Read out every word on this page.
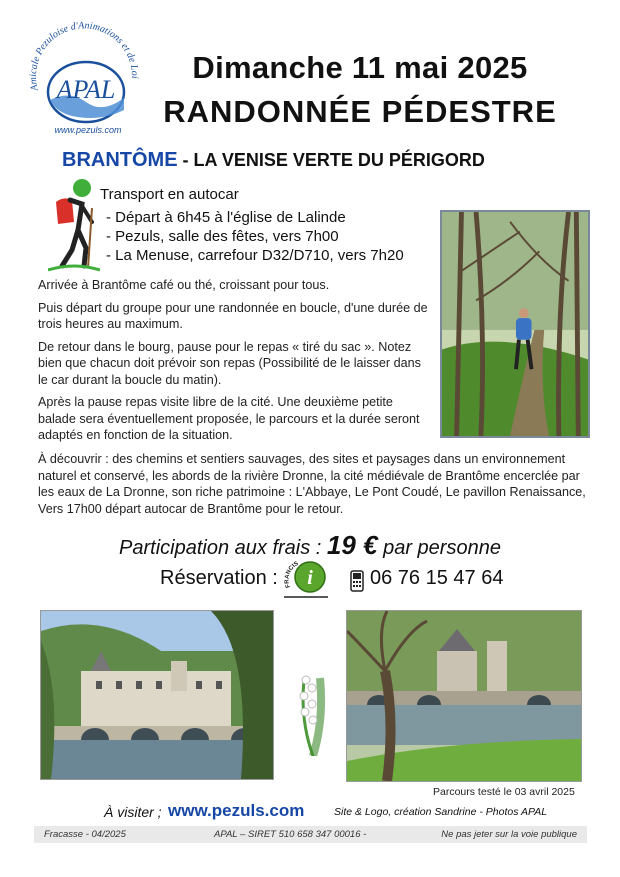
Amicale Pezuloise d'Animations et de Loi
APAL
www.pezuls.com
Dimanche 11 mai 2025
RANDONNÉE PÉDESTRE
BRANTÔME - LA VENISE VERTE DU PÉRIGORD
Transport en autocar
- Départ à 6h45 à l'église de Lalinde
- Pezuls, salle des fêtes, vers 7h00
- La Menuse, carrefour D32/D710, vers 7h20

Arrivée à Brantôme café ou thé, croissant pour tous.

Puis départ du groupe pour une randonnée en boucle, d'une durée de trois heures au maximum.

De retour dans le bourg, pause pour le repas « tiré du sac ». Notez bien que chacun doit prévoir son repas (Possibilité de le laisser dans le car durant la boucle du matin).

Après la pause repas visite libre de la cité. Une deuxième petite balade sera éventuellement proposée, le parcours et la durée seront adaptés en fonction de la situation.

À découvrir : des chemins et sentiers sauvages, des sites et paysages dans un environnement naturel et conservé, les abords de la rivière Dronne, la cité médiévale de Brantôme encerclée par les eaux de La Dronne, son riche patrimoine : L'Abbaye, Le Pont Coudé, Le pavillon Renaissance, Vers 17h00 départ autocar de Brantôme pour le retour.
Participation aux frais : 19 € par personne
Réservation : FRANCIS
i	06 76 15 47 64
Parcours testé le 03 avril 2025
À visiter ; www.pezuls.com	Site & Logo, création Sandrine - Photos APAL
Fracasse - 04/2025	APAL – SIRET 510 658 347 00016 -	Ne pas jeter sur la voie publique
